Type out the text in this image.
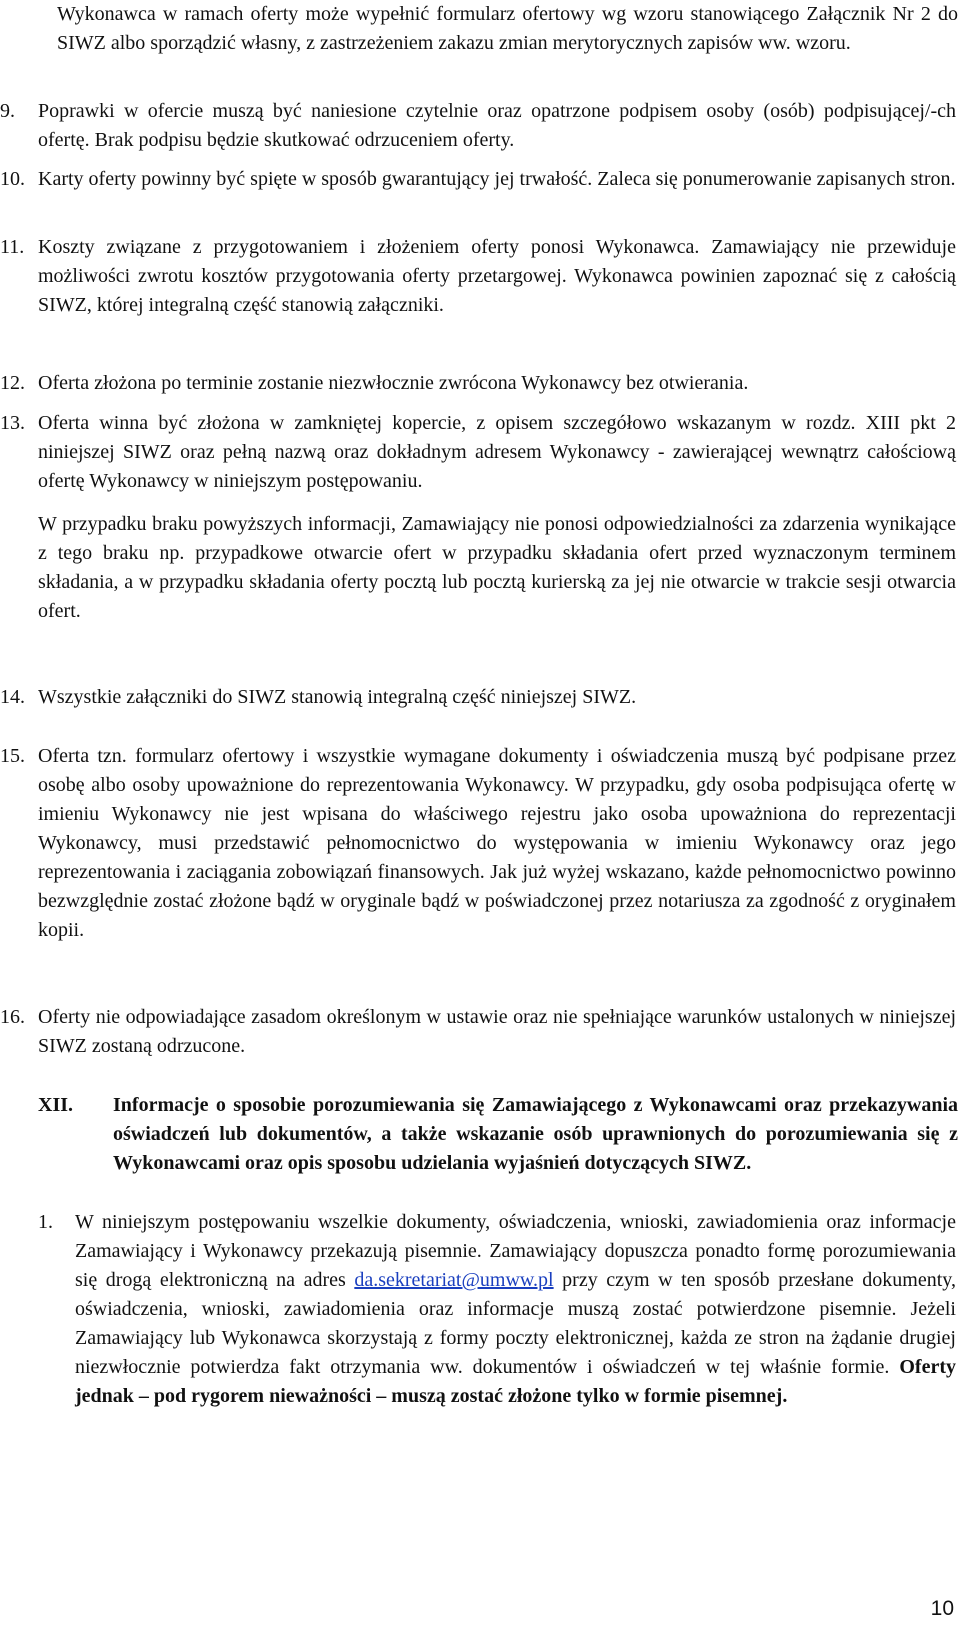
Wykonawca w ramach oferty może wypełnić formularz ofertowy wg wzoru stanowiącego Załącznik Nr 2 do SIWZ albo sporządzić własny, z zastrzeżeniem zakazu zmian merytorycznych zapisów ww. wzoru.
9.	Poprawki w ofercie muszą być naniesione czytelnie oraz opatrzone podpisem osoby (osób) podpisującej/-ch ofertę. Brak podpisu będzie skutkować odrzuceniem oferty.

10. Karty oferty powinny być spięte w sposób gwarantujący jej trwałość. Zaleca się ponumerowanie zapisanych stron.

11. Koszty związane z przygotowaniem i złożeniem oferty ponosi Wykonawca. Zamawiający nie przewiduje możliwości zwrotu kosztów przygotowania oferty przetargowej. Wykonawca powinien zapoznać się z całością SIWZ, której integralną część stanowią załączniki.

12. Oferta złożona po terminie zostanie niezwłocznie zwrócona Wykonawcy bez otwierania.

13. Oferta winna być złożona w zamkniętej kopercie, z opisem szczegółowo wskazanym w rozdz. XIII pkt 2 niniejszej SIWZ oraz pełną nazwą oraz dokładnym adresem Wykonawcy - zawierającej wewnątrz całościową ofertę Wykonawcy w niniejszym postępowaniu.

W przypadku braku powyższych informacji, Zamawiający nie ponosi odpowiedzialności za zdarzenia wynikające z tego braku np. przypadkowe otwarcie ofert w przypadku składania ofert przed wyznaczonym terminem składania, a w przypadku składania oferty pocztą lub pocztą kurierską za jej nie otwarcie w trakcie sesji otwarcia ofert.

14. Wszystkie załączniki do SIWZ stanowią integralną część niniejszej SIWZ.

15. Oferta tzn. formularz ofertowy i wszystkie wymagane dokumenty i oświadczenia muszą być podpisane przez osobę albo osoby upoważnione do reprezentowania Wykonawcy. W przypadku, gdy osoba podpisująca ofertę w imieniu Wykonawcy nie jest wpisana do właściwego rejestru jako osoba upoważniona do reprezentacji Wykonawcy, musi przedstawić pełnomocnictwo do występowania w imieniu Wykonawcy oraz jego reprezentowania i zaciągania zobowiązań finansowych. Jak już wyżej wskazano, każde pełnomocnictwo powinno bezwzględnie zostać złożone bądź w oryginale bądź w poświadczonej przez notariusza za zgodność z oryginałem kopii.

16. Oferty nie odpowiadające zasadom określonym w ustawie oraz nie spełniające warunków ustalonych w niniejszej SIWZ zostaną odrzucone.

XII. Informacje o sposobie porozumiewania się Zamawiającego z Wykonawcami oraz przekazywania oświadczeń lub dokumentów, a także wskazanie osób uprawnionych do porozumiewania się z Wykonawcami oraz opis sposobu udzielania wyjaśnień dotyczących SIWZ.
1.	W niniejszym postępowaniu wszelkie dokumenty, oświadczenia, wnioski, zawiadomienia oraz informacje Zamawiający i Wykonawcy przekazują pisemnie. Zamawiający dopuszcza ponadto formę porozumiewania się drogą elektroniczną na adres da.sekretariat@umww.pl przy czym w ten sposób przesłane dokumenty, oświadczenia, wnioski, zawiadomienia oraz informacje muszą zostać potwierdzone pisemnie. Jeżeli Zamawiający lub Wykonawca skorzystają z formy poczty elektronicznej, każda ze stron na żądanie drugiej niezwłocznie potwierdza fakt otrzymania ww. dokumentów i oświadczeń w tej właśnie formie. Oferty jednak – pod rygorem nieważności – muszą zostać złożone tylko w formie pisemnej.
10
